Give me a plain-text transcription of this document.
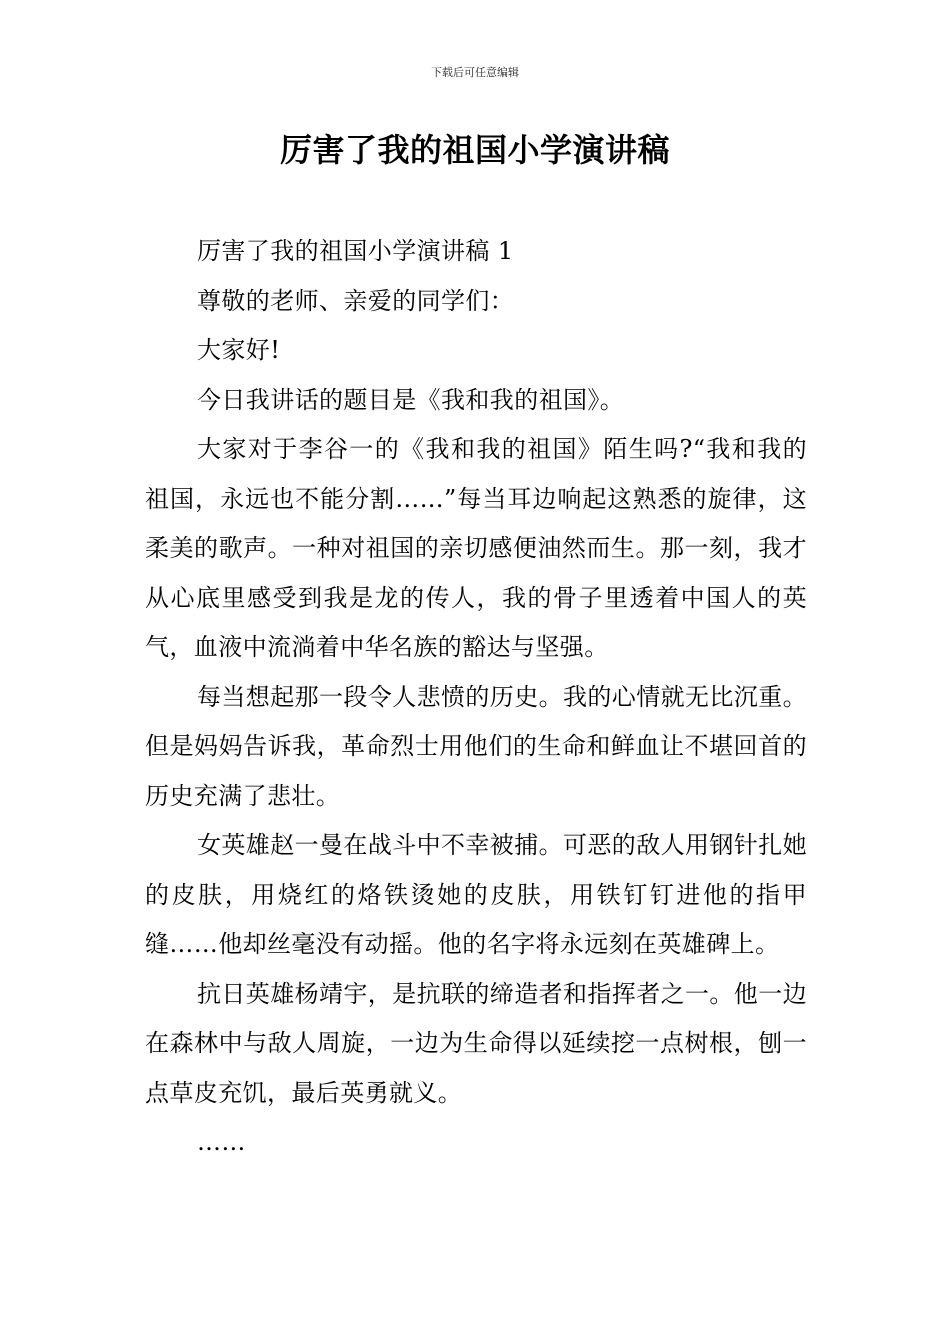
下载后可任意编辑
厉害了我的祖国小学演讲稿

厉害了我的祖国小学演讲稿 1

尊敬的老师、亲爱的同学们：

大家好!

今日我讲话的题目是《我和我的祖国》。

大家对于李谷一的《我和我的祖国》陌生吗?“我和我的祖国，永远也不能分割……”每当耳边响起这熟悉的旋律，这柔美的歌声。一种对祖国的亲切感便油然而生。那一刻，我才从心底里感受到我是龙的传人，我的骨子里透着中国人的英气，血液中流淌着中华名族的豁达与坚强。

每当想起那一段令人悲愤的历史。我的心情就无比沉重。但是妈妈告诉我，革命烈士用他们的生命和鲜血让不堪回首的历史充满了悲壮。

女英雄赵一曼在战斗中不幸被捕。可恶的敌人用钢针扎她的皮肤，用烧红的烙铁烫她的皮肤，用铁钉钉进他的指甲缝……他却丝毫没有动摇。他的名字将永远刻在英雄碑上。

抗日英雄杨靖宇，是抗联的缔造者和指挥者之一。他一边在森林中与敌人周旋，一边为生命得以延续挖一点树根，刨一点草皮充饥，最后英勇就义。

……
